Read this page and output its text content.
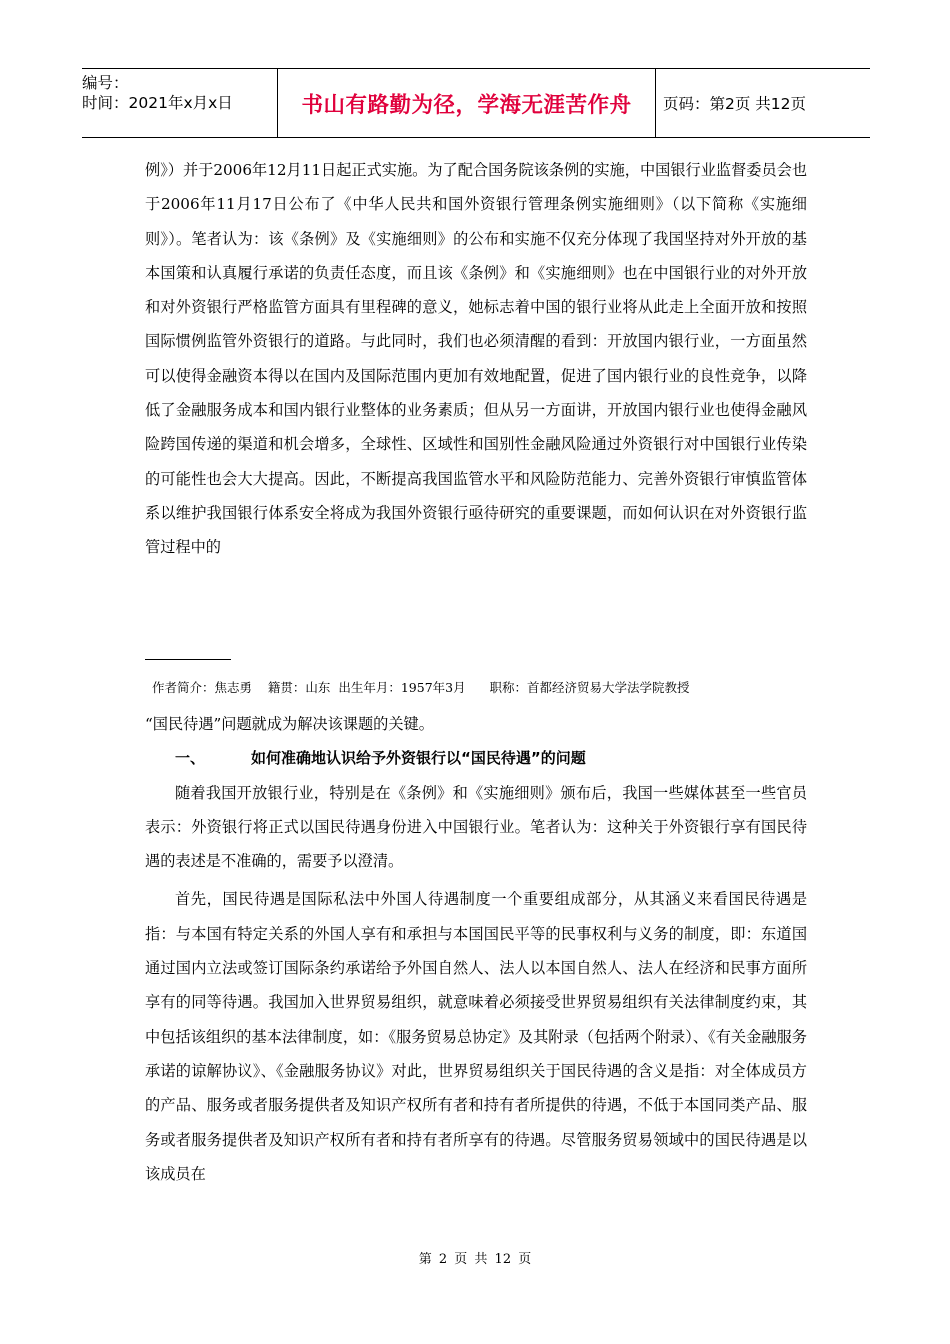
编号：
时间：2021年x月x日	书山有路勤为径，学海无涯苦作舟 页码：第2页 共12页

例》）并于2006年12月11日起正式实施。为了配合国务院该条例的实施，中国银行业监督委员会也于2006年11月17日公布了《中华人民共和国外资银行管理条例实施细则》（以下简称《实施细则》）。笔者认为：该《条例》及《实施细则》的公布和实施不仅充分体现了我国坚持对外开放的基本国策和认真履行承诺的负责任态度，而且该《条例》和《实施细则》也在中国银行业的对外开放和对外资银行严格监管方面具有里程碑的意义，她标志着中国的银行业将从此走上全面开放和按照国际惯例监管外资银行的道路。与此同时，我们也必须清醒的看到：开放国内银行业，一方面虽然可以使得金融资本得以在国内及国际范围内更加有效地配置，促进了国内银行业的良性竞争，以降低了金融服务成本和国内银行业整体的业务素质；但从另一方面讲，开放国内银行业也使得金融风险跨国传递的渠道和机会增多，全球性、区域性和国别性金融风险通过外资银行对中国银行业传染的可能性也会大大提高。因此，不断提高我国监管水平和风险防范能力、完善外资银行审慎监管体系以维护我国银行体系安全将成为我国外资银行亟待研究的重要课题，而如何认识在对外资银行监管过程中的

作者简介：焦志勇    籍贯：山东  出生年月：1957年3月      职称：首都经济贸易大学法学院教授

“国民待遇”问题就成为解决该课题的关键。

一、	如何准确地认识给予外资银行以“国民待遇”的问题

随着我国开放银行业，特别是在《条例》和《实施细则》颁布后，我国一些媒体甚至一些官员表示：外资银行将正式以国民待遇身份进入中国银行业。笔者认为：这种关于外资银行享有国民待遇的表述是不准确的，需要予以澄清。

首先，国民待遇是国际私法中外国人待遇制度一个重要组成部分，从其涵义来看国民待遇是指：与本国有特定关系的外国人享有和承担与本国国民平等的民事权利与义务的制度，即：东道国通过国内立法或签订国际条约承诺给予外国自然人、法人以本国自然人、法人在经济和民事方面所享有的同等待遇。我国加入世界贸易组织，就意味着必须接受世界贸易组织有关法律制度约束，其中包括该组织的基本法律制度，如：《服务贸易总协定》及其附录（包括两个附录）、《有关金融服务承诺的谅解协议》、《金融服务协议》对此，世界贸易组织关于国民待遇的含义是指：对全体成员方的产品、服务或者服务提供者及知识产权所有者和持有者所提供的待遇，不低于本国同类产品、服务或者服务提供者及知识产权所有者和持有者所享有的待遇。尽管服务贸易领域中的国民待遇是以该成员在

第 2 页 共 12 页
